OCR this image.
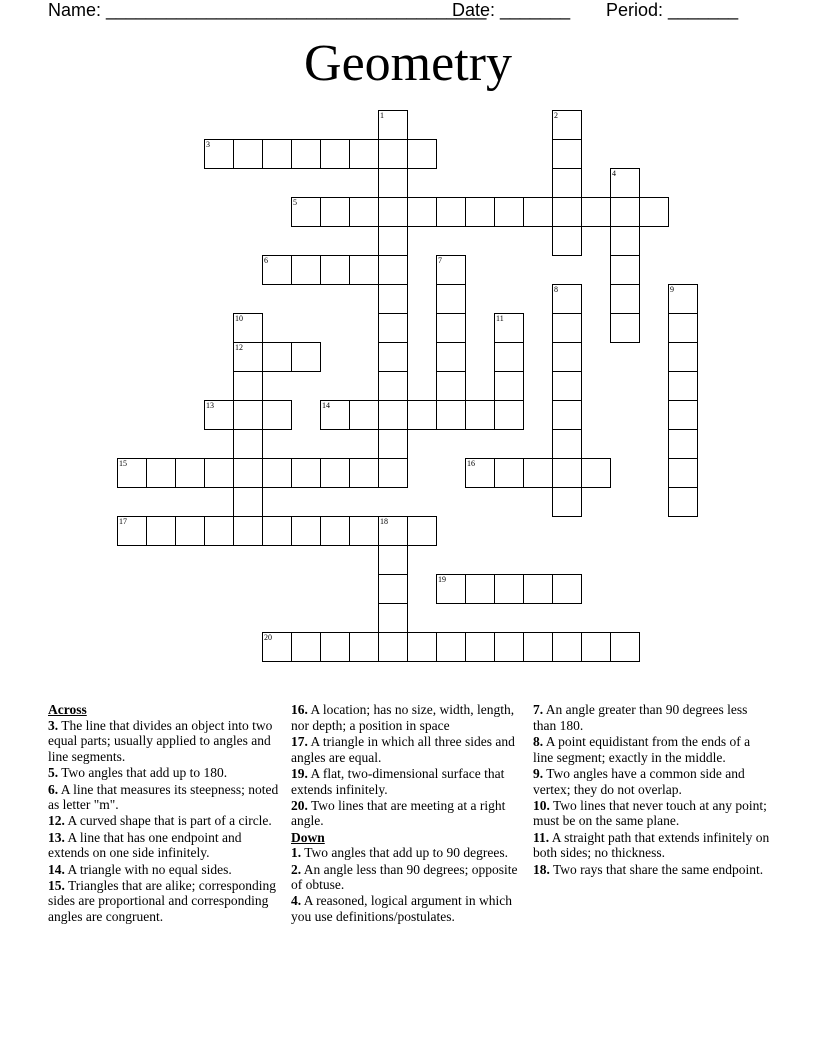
Name: ______________________________________
Date: _______ Period: _______
Geometry
1	2
3
4
5
6	7
8	9
10	11
12
13	14
15	16
17	18
19
20
Across
3. The line that divides an object into two equal parts; usually applied to angles and line segments.
5. Two angles that add up to 180.
6. A line that measures its steepness; noted as letter "m".
12. A curved shape that is part of a circle.
13. A line that has one endpoint and extends on one side infinitely.
14. A triangle with no equal sides.
15. Triangles that are alike; corresponding sides are proportional and corresponding angles are congruent.
16. A location; has no size, width, length, nor depth; a position in space
17. A triangle in which all three sides and angles are equal.
19. A flat, two-dimensional surface that extends infinitely.
20. Two lines that are meeting at a right angle.
Down
1. Two angles that add up to 90 degrees.
2. An angle less than 90 degrees; opposite of obtuse.
4. A reasoned, logical argument in which you use definitions/postulates.
7. An angle greater than 90 degrees less than 180.
8. A point equidistant from the ends of a line segment; exactly in the middle.
9. Two angles have a common side and vertex; they do not overlap.
10. Two lines that never touch at any point; must be on the same plane.
11. A straight path that extends infinitely on both sides; no thickness.
18. Two rays that share the same endpoint.
